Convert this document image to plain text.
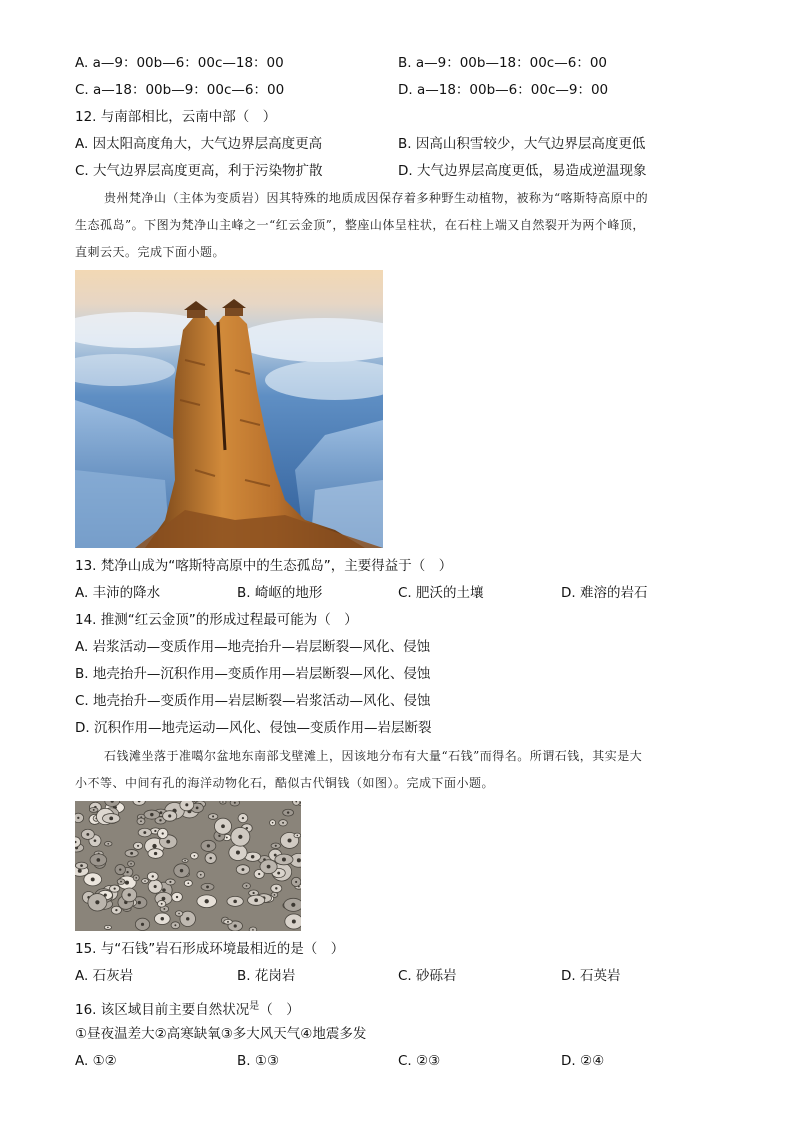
A. a—9：00b—6：00c—18：00	B. a—9：00b—18：00c—6：00
C. a—18：00b—9：00c—6：00	D. a—18：00b—6：00c—9：00
12. 与南部相比，云南中部（　）
A. 因太阳高度角大，大气边界层高度更高	B. 因高山积雪较少，大气边界层高度更低
C. 大气边界层高度更高，利于污染物扩散	D. 大气边界层高度更低，易造成逆温现象
贵州梵净山（主体为变质岩）因其特殊的地质成因保存着多种野生动植物，被称为“喀斯特高原中的
生态孤岛”。下图为梵净山主峰之一“红云金顶”，整座山体呈柱状，在石柱上端又自然裂开为两个峰顶，
直刺云天。完成下面小题。
13. 梵净山成为“喀斯特高原中的生态孤岛”，主要得益于（　）
A. 丰沛的降水	B. 崎岖的地形	C. 肥沃的土壤	D. 难溶的岩石
14. 推测“红云金顶”的形成过程最可能为（　）
A. 岩浆活动—变质作用—地壳抬升—岩层断裂—风化、侵蚀
B. 地壳抬升—沉积作用—变质作用—岩层断裂—风化、侵蚀
C. 地壳抬升—变质作用—岩层断裂—岩浆活动—风化、侵蚀
D. 沉积作用—地壳运动—风化、侵蚀—变质作用—岩层断裂
石钱滩坐落于准噶尔盆地东南部戈壁滩上，因该地分布有大量“石钱”而得名。所谓石钱，其实是大
小不等、中间有孔的海洋动物化石，酷似古代铜钱（如图）。完成下面小题。
15. 与“石钱”岩石形成环境最相近的是（　）
A. 石灰岩	B. 花岗岩	C. 砂砾岩	D. 石英岩
16. 该区域目前主要自然状况$^是$（　）
①昼夜温差大②高寒缺氧③多大风天气④地震多发
A. ①②	B. ①③	C. ②③	D. ②④
